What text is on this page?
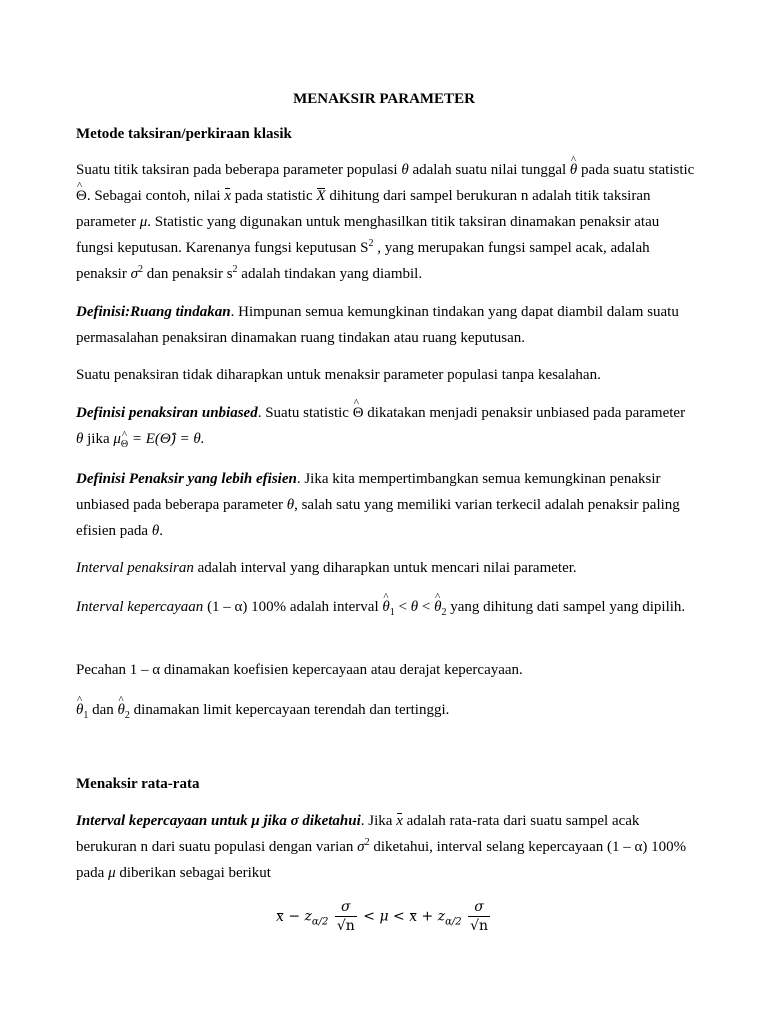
MENAKSIR PARAMETER

Metode taksiran/perkiraan klasik

Suatu titik taksiran pada beberapa parameter populasi θ adalah suatu nilai tunggal ^ θ pada suatu statistic^ Θ. Sebagai contoh, nilai x pada statistic X dihitung dari sampel berukuran n adalah titik taksiran parameter μ. Statistic yang digunakan untuk menghasilkan titik taksiran dinamakan penaksir atau fungsi keputusan. Karenanya fungsi keputusan $S^2$ , yang merupakan fungsi sampel acak, adalah penaksir $\sigma^2$ dan penaksir $s^2$ adalah tindakan yang diambil.

Definisi:Ruang tindakan. Himpunan semua kemungkinan tindakan yang dapat diambil dalam suatu permasalahan penaksiran dinamakan ruang tindakan atau ruang keputusan.

Suatu penaksiran tidak diharapkan untuk menaksir parameter populasi tanpa kesalahan.

Definisi penaksiran unbiased. Suatu statistic ^ Θ dikatakan menjadi penaksir unbiased pada parameter θ jika $\mu_\Theta$ = E(Θ̂) = θ.

Definisi Penaksir yang lebih efisien. Jika kita mempertimbangkan semua kemungkinan penaksir unbiased pada beberapa parameter θ, salah satu yang memiliki varian terkecil adalah penaksir paling efisien pada θ.

Interval penaksiran adalah interval yang diharapkan untuk mencari nilai parameter.

Interval kepercayaan (1 – α) 100% adalah interval ^ $\theta_1 < \theta$ < ^ $\theta_2$ yang dihitung dati sampel yang dipilih.

Pecahan 1 – α dinamakan koefisien kepercayaan atau derajat kepercayaan.

^ $\theta_1$ dan ^ $\theta_2$ dinamakan limit kepercayaan terendah dan tertinggi.

Menaksir rata-rata

Interval kepercayaan untuk μ jika σ diketahui. Jika x adalah rata-rata dari suatu sampel acak berukuran n dari suatu populasi dengan varian $\sigma^2$ diketahui, interval selang kepercayaan (1 – α) 100% pada μ diberikan sebagai berikut

$x - z_{\alpha/2} \frac{\sigma}{√n} < \mu < x + z_{\alpha/2} \frac{\sigma}{√n}$
